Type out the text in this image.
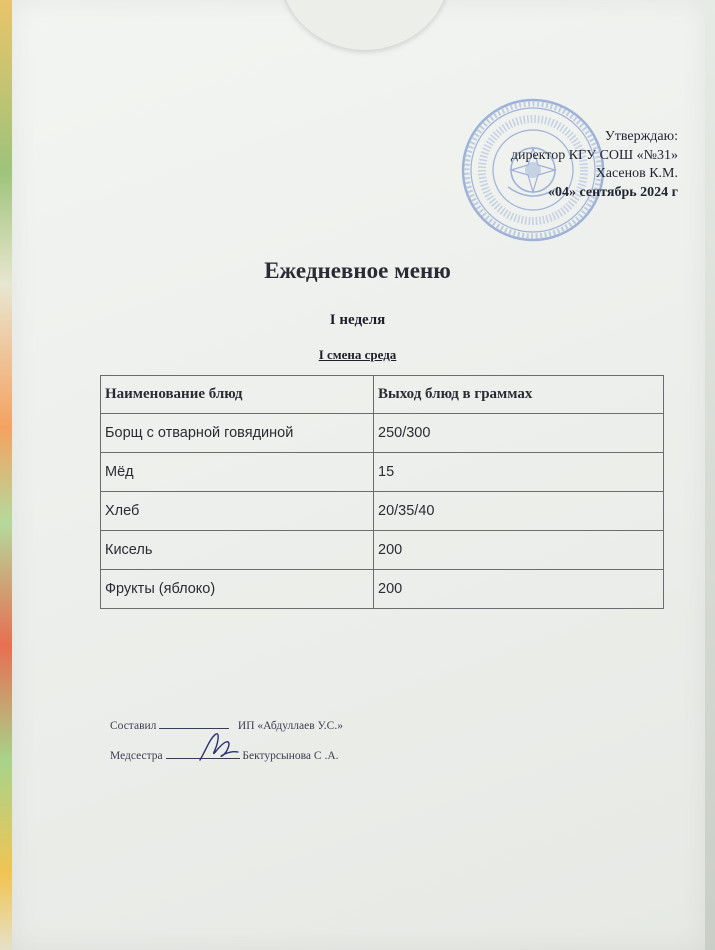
Утверждаю:
директор КГУ СОШ «№31»
Хасенов К.М.
«04» сентябрь 2024 г
Ежедневное меню
I неделя
I смена среда
Наименование блюд	Выход блюд в граммах
Борщ с отварной говядиной	250/300
Мёд	15
Хлеб	20/35/40
Кисель	200
Фрукты (яблоко)	200
Составил	ИП «Абдуллаев У.С.»
Медсестра	Бектурсынова С .А.
